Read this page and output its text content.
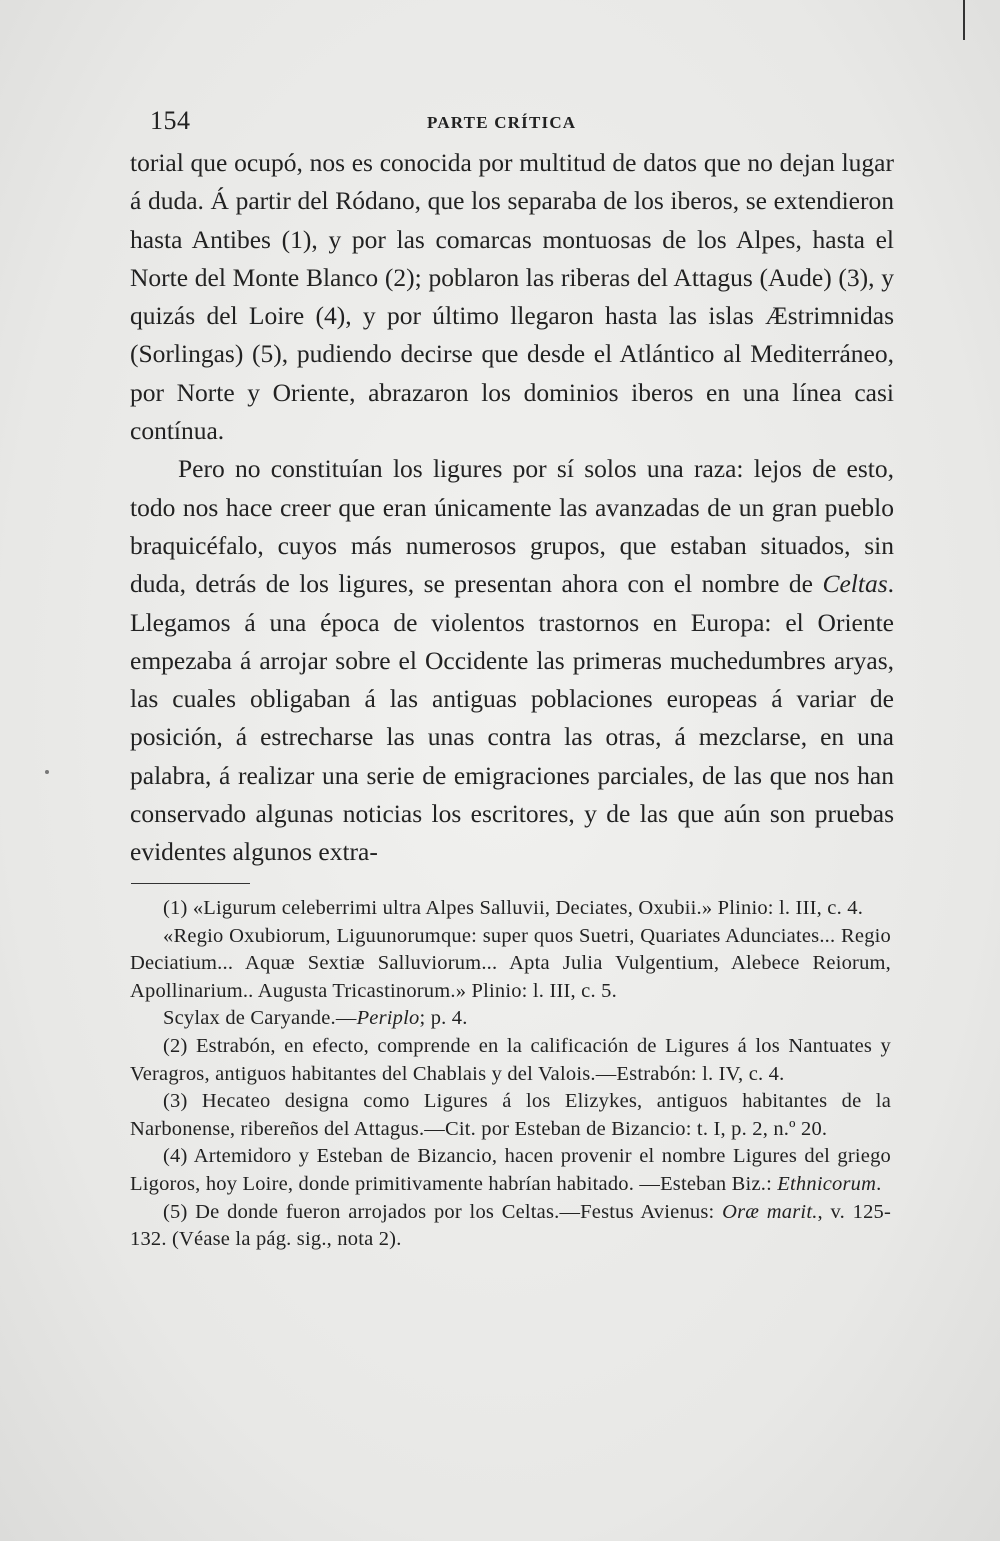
154	PARTE CRÍTICA

torial que ocupó, nos es conocida por multitud de datos que no dejan lugar á duda. Á partir del Ródano, que los separaba de los iberos, se extendieron hasta Antibes (1), y por las comarcas montuosas de los Alpes, hasta el Norte del Monte Blanco (2); poblaron las riberas del Attagus (Aude) (3), y quizás del Loire (4), y por último llegaron hasta las islas Æstrimnidas (Sorlingas) (5), pudiendo decirse que desde el Atlántico al Mediterráneo, por Norte y Oriente, abrazaron los dominios iberos en una línea casi contínua.

Pero no constituían los ligures por sí solos una raza: lejos de esto, todo nos hace creer que eran únicamente las avanzadas de un gran pueblo braquicéfalo, cuyos más numerosos grupos, que estaban situados, sin duda, detrás de los ligures, se presentan ahora con el nombre de Celtas. Llegamos á una época de violentos trastornos en Europa: el Oriente empezaba á arrojar sobre el Occidente las primeras muchedumbres aryas, las cuales obligaban á las antiguas poblaciones europeas á variar de posición, á estrecharse las unas contra las otras, á mezclarse, en una palabra, á realizar una serie de emigraciones parciales, de las que nos han conservado algunas noticias los escritores, y de las que aún son pruebas evidentes algunos extra-

(1) «Ligurum celeberrimi ultra Alpes Salluvii, Deciates, Oxubii.» Plinio: l. III, c. 4.

«Regio Oxubiorum, Liguunorumque: super quos Suetri, Quariates Adunciates... Regio Deciatium... Aquæ Sextiæ Salluviorum... Apta Julia Vulgentium, Alebece Reiorum, Apollinarium.. Augusta Tricastinorum.» Plinio: l. III, c. 5.

Scylax de Caryande.—Periplo; p. 4.

(2) Estrabón, en efecto, comprende en la calificación de Ligures á los Nantuates y Veragros, antiguos habitantes del Chablais y del Valois.—Estrabón: l. IV, c. 4.

(3) Hecateo designa como Ligures á los Elizykes, antiguos habitantes de la Narbonense, ribereños del Attagus.—Cit. por Esteban de Bizancio: t. I, p. 2, n.º 20.

(4) Artemidoro y Esteban de Bizancio, hacen provenir el nombre Ligures del griego Ligoros, hoy Loire, donde primitivamente habrían habitado. —Esteban Biz.: Ethnicorum.

(5) De donde fueron arrojados por los Celtas.—Festus Avienus: Oræ marit., v. 125-132. (Véase la pág. sig., nota 2).
